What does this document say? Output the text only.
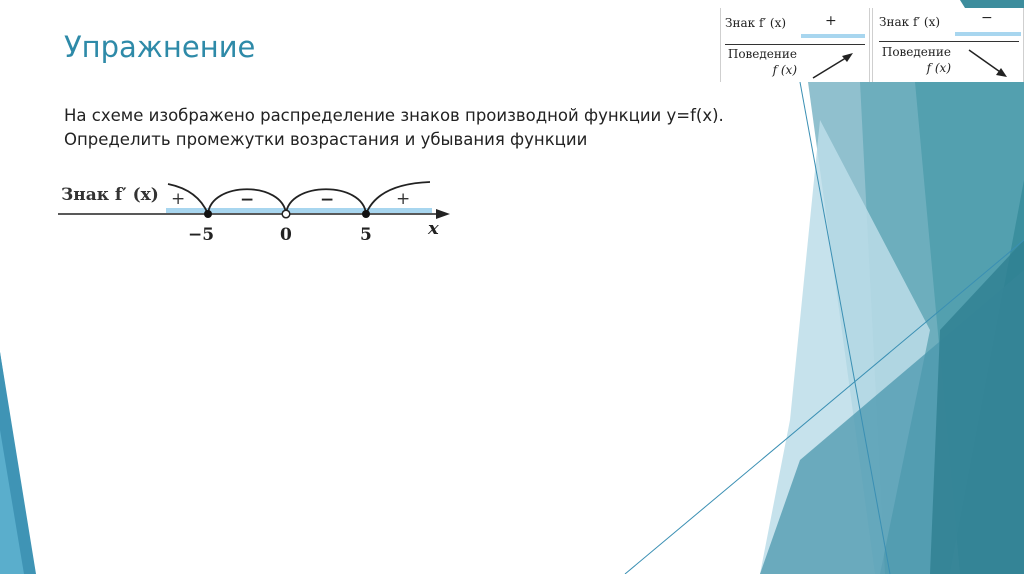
Упражнение
На схеме изображено распределение знаков производной функции y=f(x).
Определить промежутки возрастания и убывания функции
Знак f′ (x)	+
Поведение
f (x)
Знак f′ (x)	−
Поведение
f (x)
Знак f′ (x) +	−	−	+
−5	0	5	x
